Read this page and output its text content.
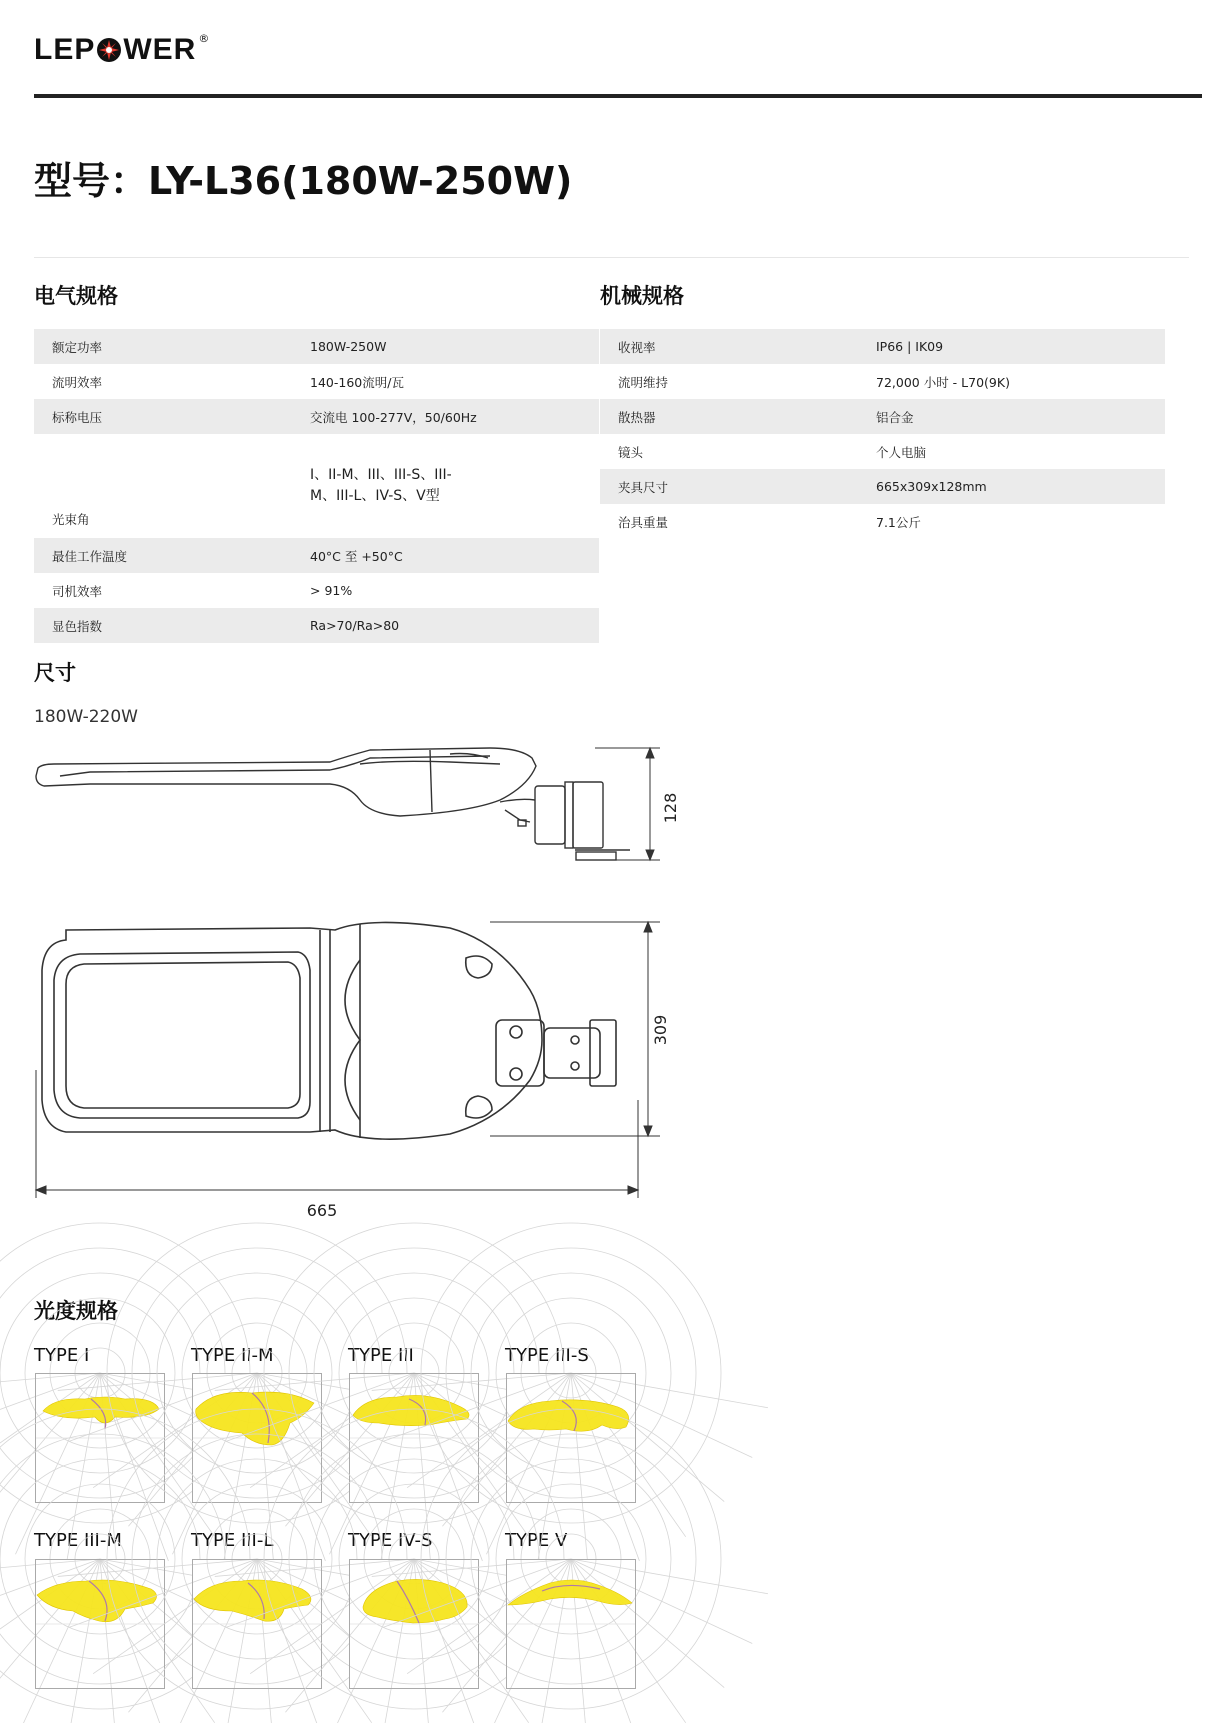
LEP WER ®
型号：LY-L36(180W-250W)
电气规格
额定功率	180W-250W
流明效率	140-160流明/瓦
标称电压	交流电 100-277V，50/60Hz
光束角	I、II-M、III、III-S、III-M、III-L、IV-S、V型
最佳工作温度	40°C 至 +50°C
司机效率	> 91%
显色指数	Ra>70/Ra>80
机械规格
收视率	IP66 | IK09
流明维持	72,000 小时 - L70(9K)
散热器	铝合金
镜头	个人电脑
夹具尺寸	665x309x128mm
治具重量	7.1公斤
尺寸
180W-220W
128
309
665
光度规格
TYPE I	TYPE II-M	TYPE III	TYPE III-S
TYPE III-M	TYPE III-L	TYPE IV-S	TYPE V
